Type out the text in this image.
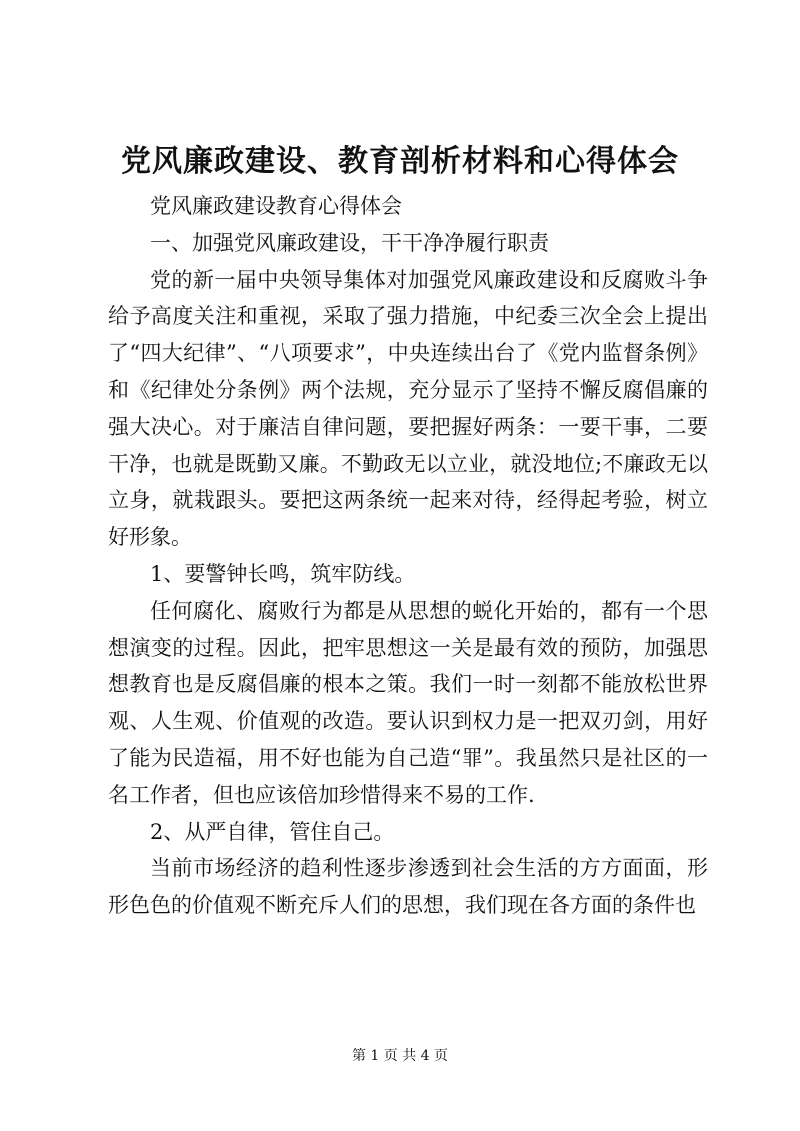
党风廉政建设、教育剖析材料和心得体会

党风廉政建设教育心得体会

一、加强党风廉政建设，干干净净履行职责

党的新一届中央领导集体对加强党风廉政建设和反腐败斗争给予高度关注和重视，采取了强力措施，中纪委三次全会上提出了“四大纪律”、“八项要求”，中央连续出台了《党内监督条例》和《纪律处分条例》两个法规，充分显示了坚持不懈反腐倡廉的强大决心。对于廉洁自律问题，要把握好两条：一要干事，二要干净，也就是既勤又廉。不勤政无以立业，就没地位;不廉政无以立身，就栽跟头。要把这两条统一起来对待，经得起考验，树立好形象。

1、要警钟长鸣，筑牢防线。

任何腐化、腐败行为都是从思想的蜕化开始的，都有一个思想演变的过程。因此，把牢思想这一关是最有效的预防，加强思想教育也是反腐倡廉的根本之策。我们一时一刻都不能放松世界观、人生观、价值观的改造。要认识到权力是一把双刃剑，用好了能为民造福，用不好也能为自己造“罪”。我虽然只是社区的一名工作者，但也应该倍加珍惜得来不易的工作.

2、从严自律，管住自己。

当前市场经济的趋利性逐步渗透到社会生活的方方面面，形形色色的价值观不断充斥人们的思想，我们现在各方面的条件也

第 1 页 共 4 页
